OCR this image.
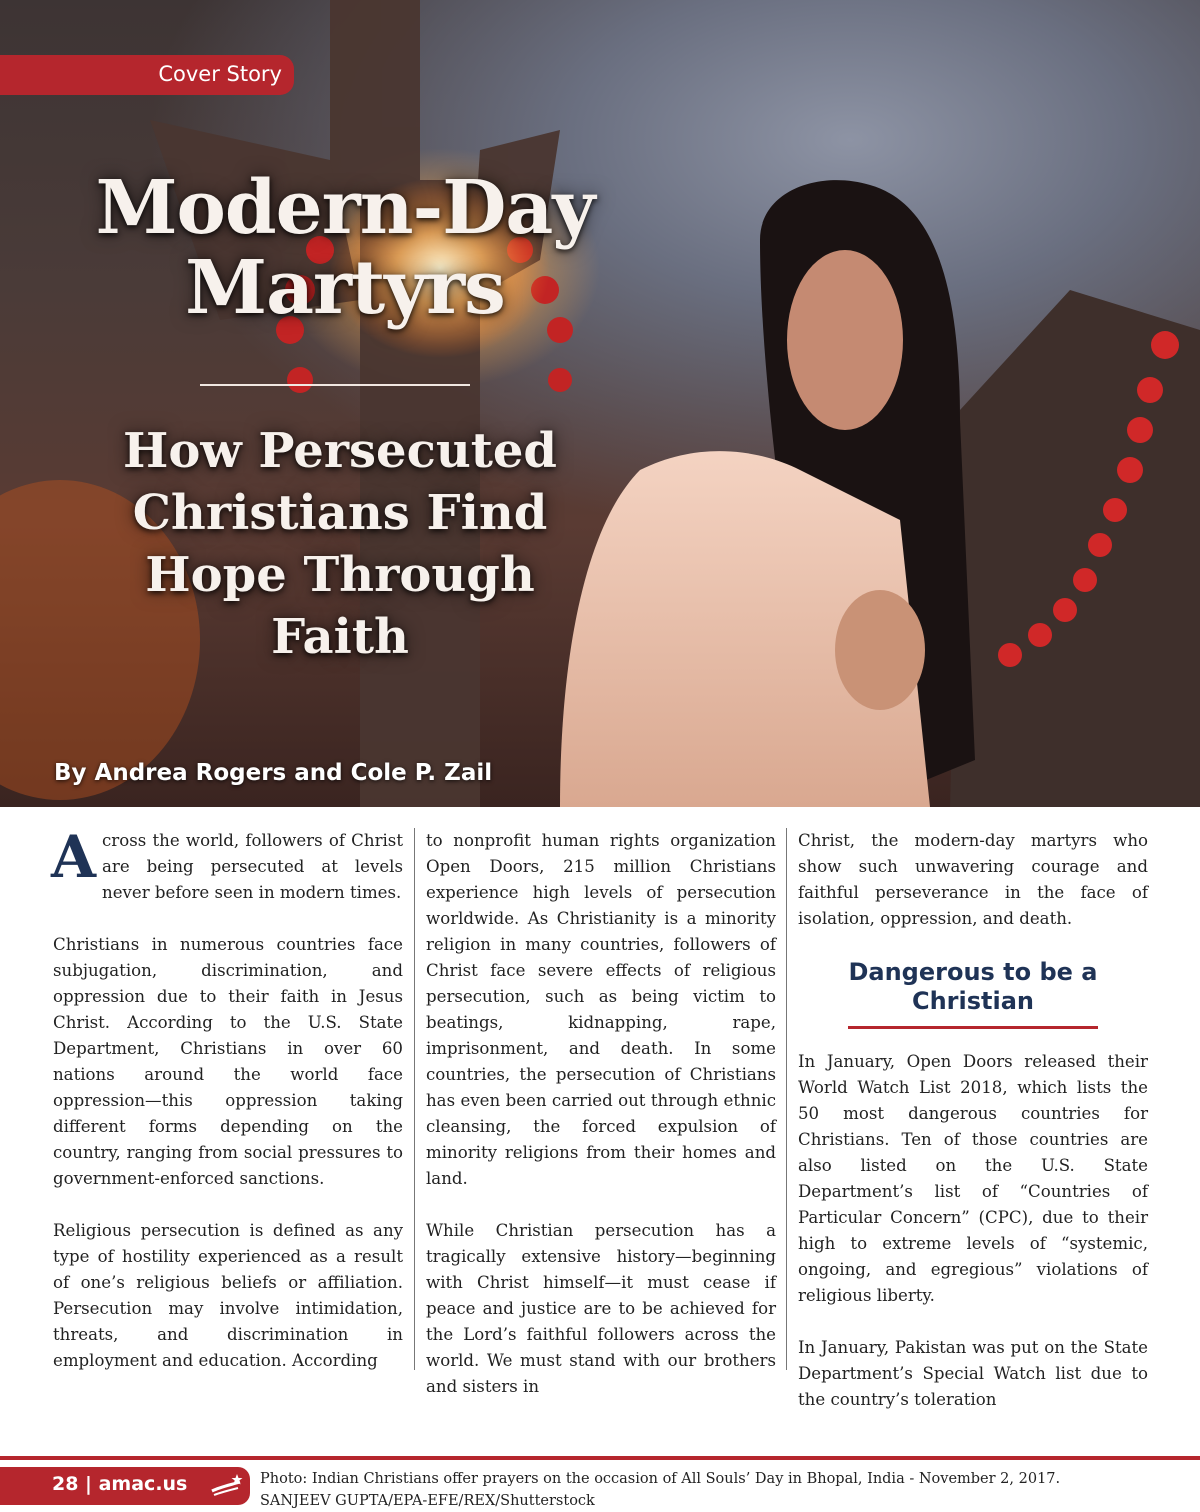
Cover Story
Modern-Day
Martyrs
How Persecuted
Christians Find
Hope Through
Faith
By Andrea Rogers and Cole P. Zail

Across the world, followers of Christ are being persecuted at levels never before seen in modern times.

Christians in numerous countries face subjugation, discrimination, and oppression due to their faith in Jesus Christ. According to the U.S. State Department, Christians in over 60 nations around the world face oppression—this oppression taking different forms depending on the country, ranging from social pressures to government-enforced sanctions.

Religious persecution is defined as any type of hostility experienced as a result of one’s religious beliefs or affiliation. Persecution may involve intimidation, threats, and discrimination in employment and education. According

to nonprofit human rights organization Open Doors, 215 million Christians experience high levels of persecution worldwide. As Christianity is a minority religion in many countries, followers of Christ face severe effects of religious persecution, such as being victim to beatings, kidnapping, rape, imprisonment, and death. In some countries, the persecution of Christians has even been carried out through ethnic cleansing, the forced expulsion of minority religions from their homes and land.

While Christian persecution has a tragically extensive history—beginning with Christ himself—it must cease if peace and justice are to be achieved for the Lord’s faithful followers across the world. We must stand with our brothers and sisters in

Christ, the modern-day martyrs who show such unwavering courage and faithful perseverance in the face of isolation, oppression, and death.

Dangerous to be a
Christian

In January, Open Doors released their World Watch List 2018, which lists the 50 most dangerous countries for Christians. Ten of those countries are also listed on the U.S. State Department’s list of “Countries of Particular Concern” (CPC), due to their high to extreme levels of “systemic, ongoing, and egregious” violations of religious liberty.

In January, Pakistan was put on the State Department’s Special Watch list due to the country’s toleration

28 | amac.us	Photo: Indian Christians offer prayers on the occasion of All Souls’ Day in Bhopal, India - November 2, 2017.
SANJEEV GUPTA/EPA-EFE/REX/Shutterstock
